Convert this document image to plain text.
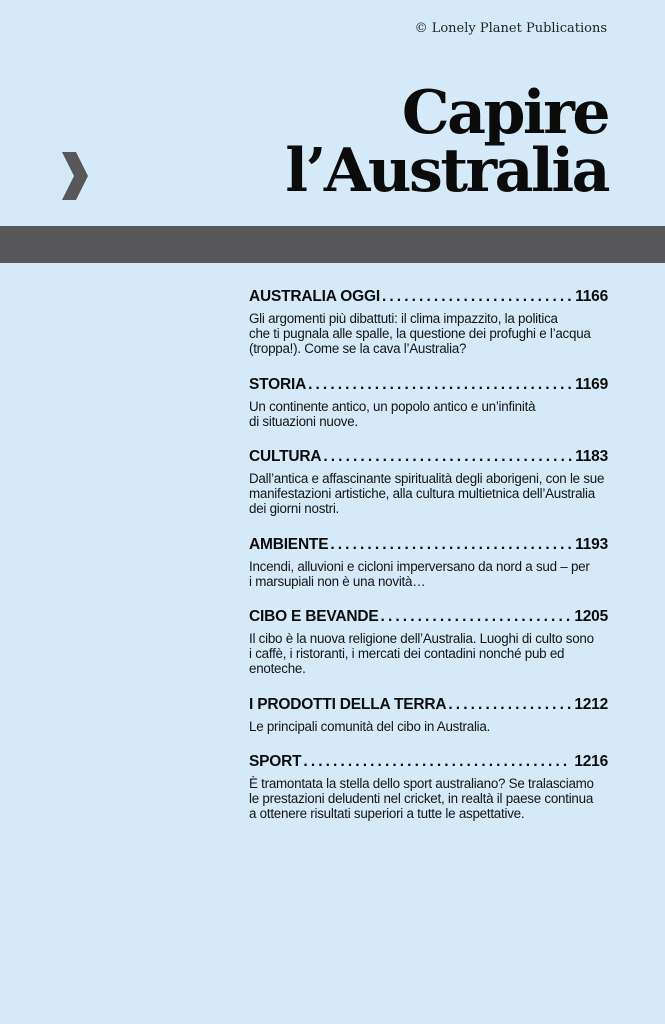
© Lonely Planet Publications
Capire
l’Australia
AUSTRALIA OGGI . . .	1166
Gli argomenti più dibattuti: il clima impazzito, la politica
che ti pugnala alle spalle, la questione dei profughi e l’acqua
(troppa!). Come se la cava l’Australia?
STORIA . . .	1169
Un continente antico, un popolo antico e un’infinità
di situazioni nuove.
CULTURA . . .	1183
Dall’antica e affascinante spiritualità degli aborigeni, con le sue
manifestazioni artistiche, alla cultura multietnica dell’Australia
dei giorni nostri.
AMBIENTE . . .	1193
Incendi, alluvioni e cicloni imperversano da nord a sud – per
i marsupiali non è una novità…
CIBO E BEVANDE . . .	1205
Il cibo è la nuova religione dell’Australia. Luoghi di culto sono
i caffè, i ristoranti, i mercati dei contadini nonché pub ed
enoteche.
I PRODOTTI DELLA TERRA . . .	1212
Le principali comunità del cibo in Australia.
SPORT . . .	1216
È tramontata la stella dello sport australiano? Se tralasciamo
le prestazioni deludenti nel cricket, in realtà il paese continua
a ottenere risultati superiori a tutte le aspettative.
